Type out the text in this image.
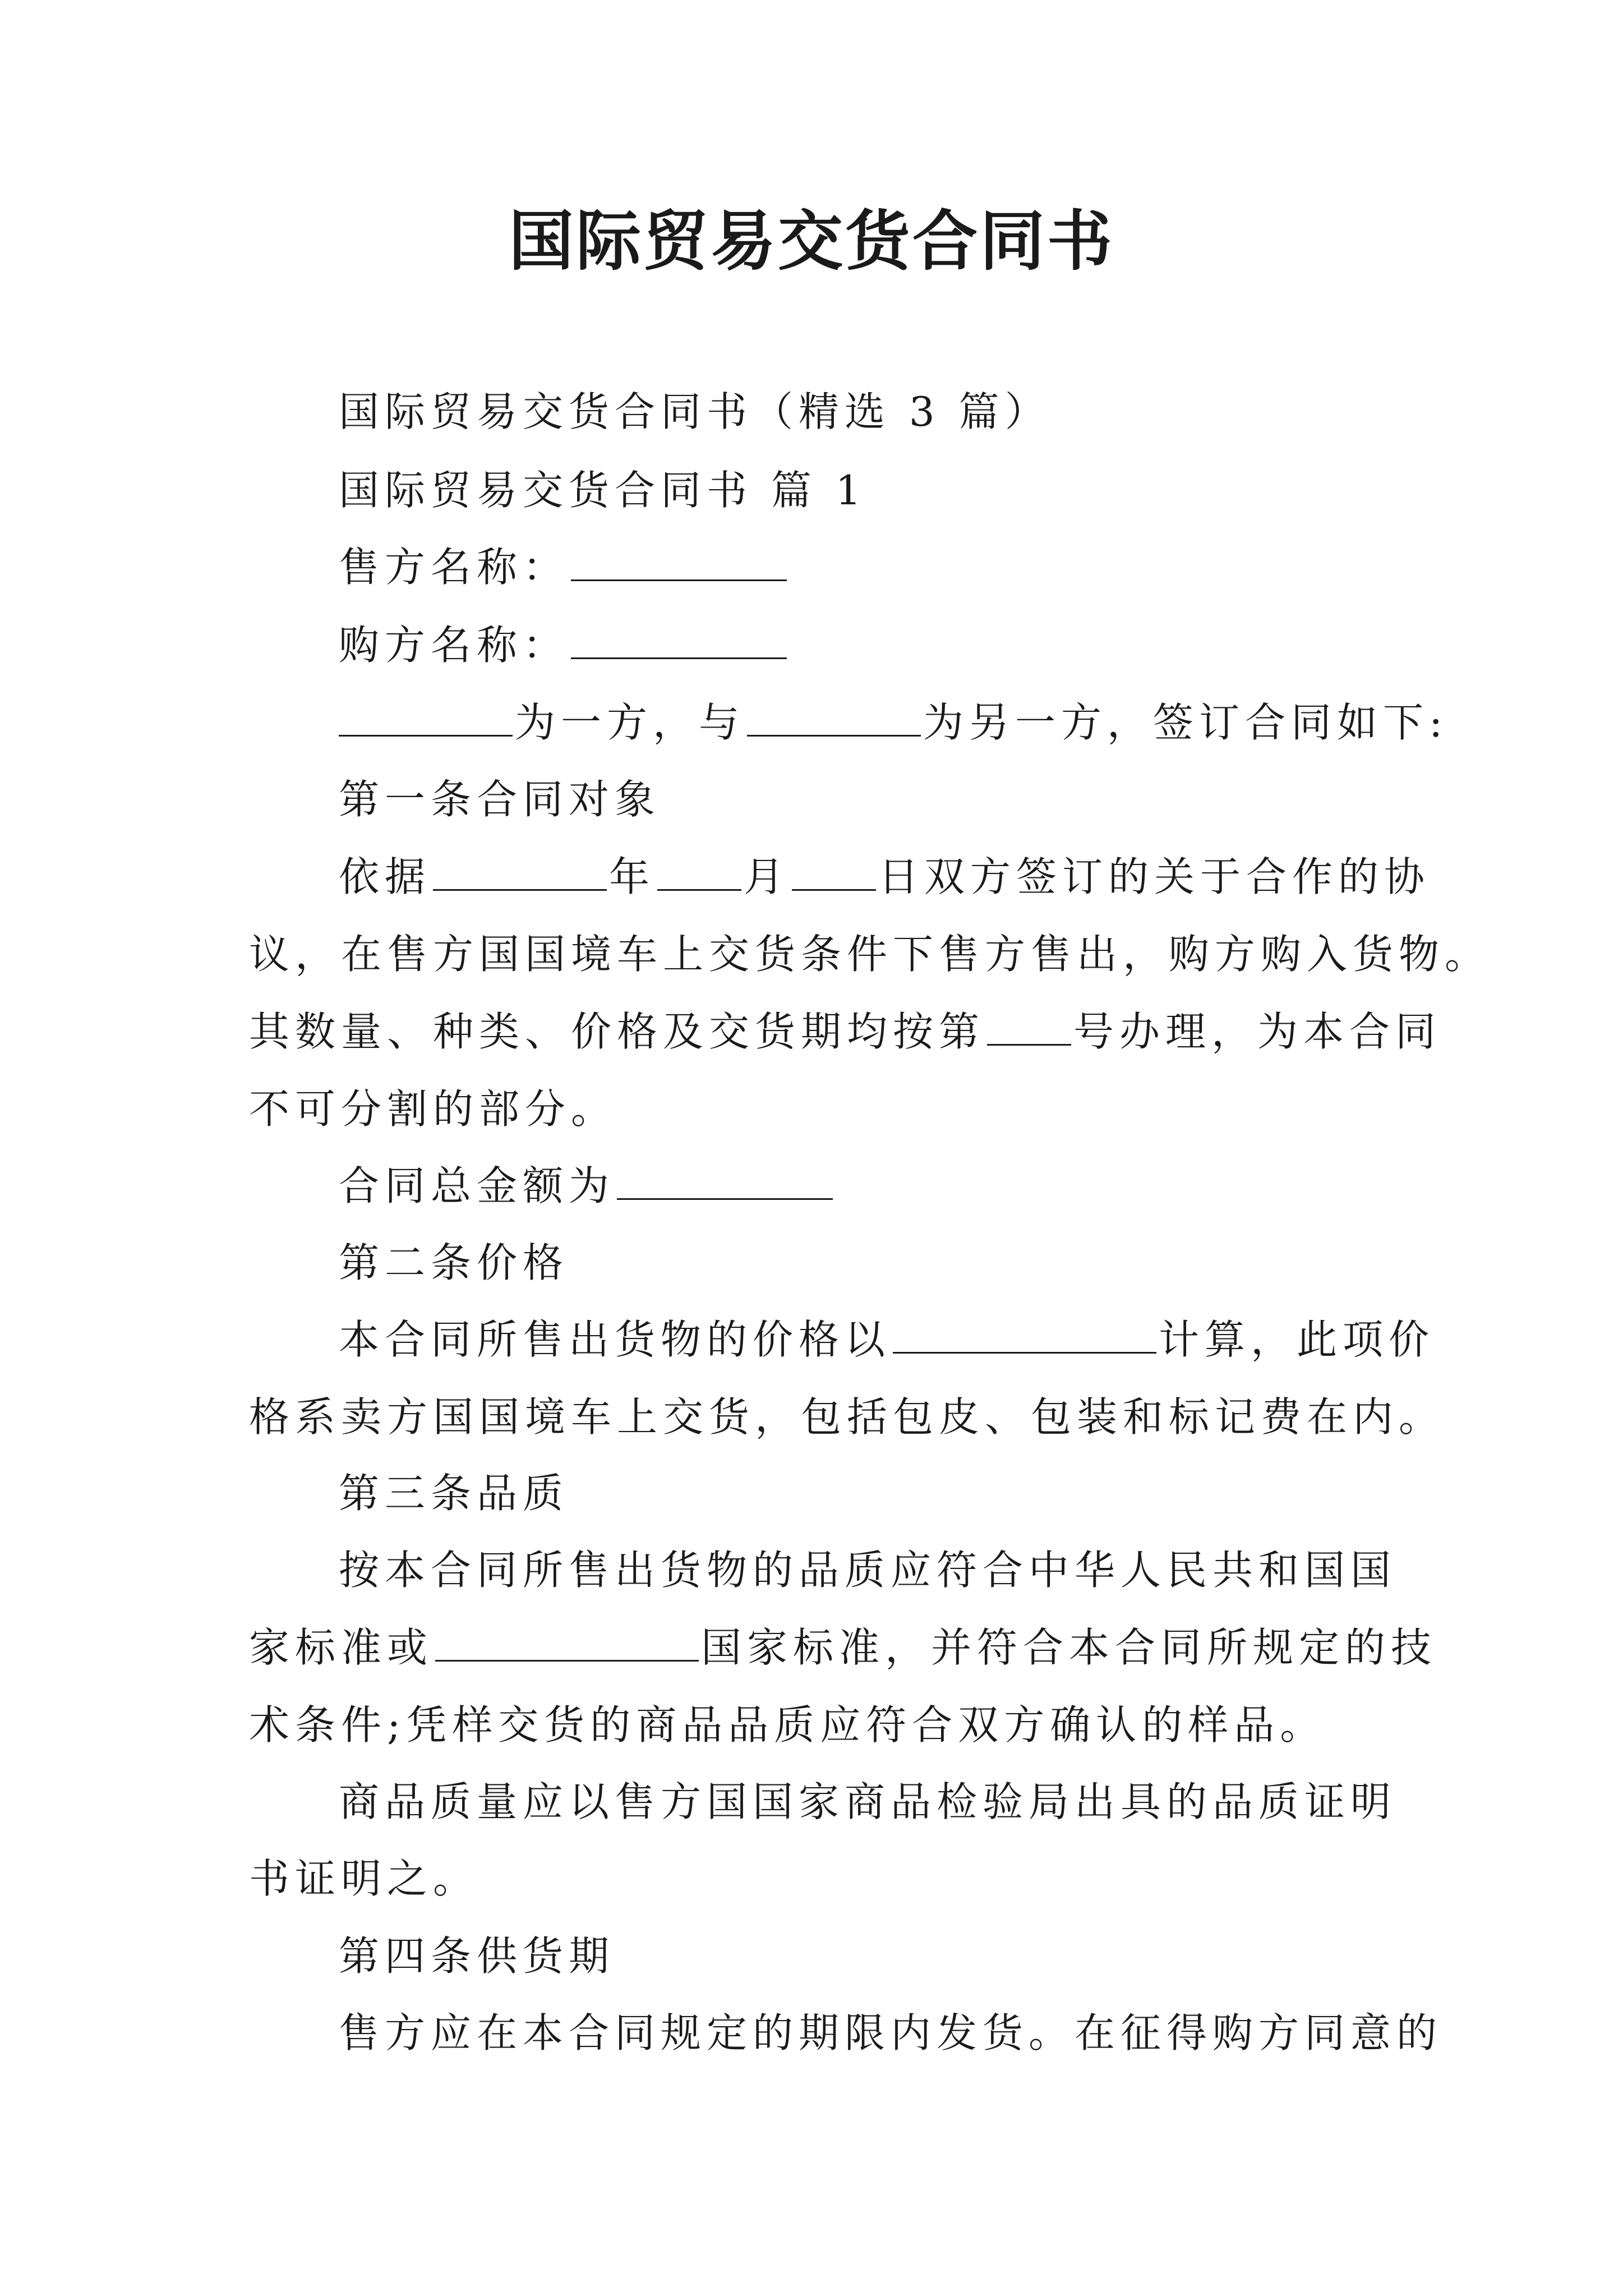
国际贸易交货合同书
国际贸易交货合同书（精选 3 篇）
国际贸易交货合同书 篇 1
售方名称：
购方名称：
为一方，与	为另一方，签订合同如下:
第一条合同对象
依据	年 月 日双方签订的关于合作的协
议，在售方国国境车上交货条件下售方售出，购方购入货物。
其数量、种类、价格及交货期均按第 号办理，为本合同
不可分割的部分。
合同总金额为
第二条价格
本合同所售出货物的价格以	计算，此项价
格系卖方国国境车上交货，包括包皮、包装和标记费在内。
第三条品质
按本合同所售出货物的品质应符合中华人民共和国国
家标准或	国家标准，并符合本合同所规定的技
术条件;凭样交货的商品品质应符合双方确认的样品。
商品质量应以售方国国家商品检验局出具的品质证明
书证明之。
第四条供货期
售方应在本合同规定的期限内发货。在征得购方同意的
